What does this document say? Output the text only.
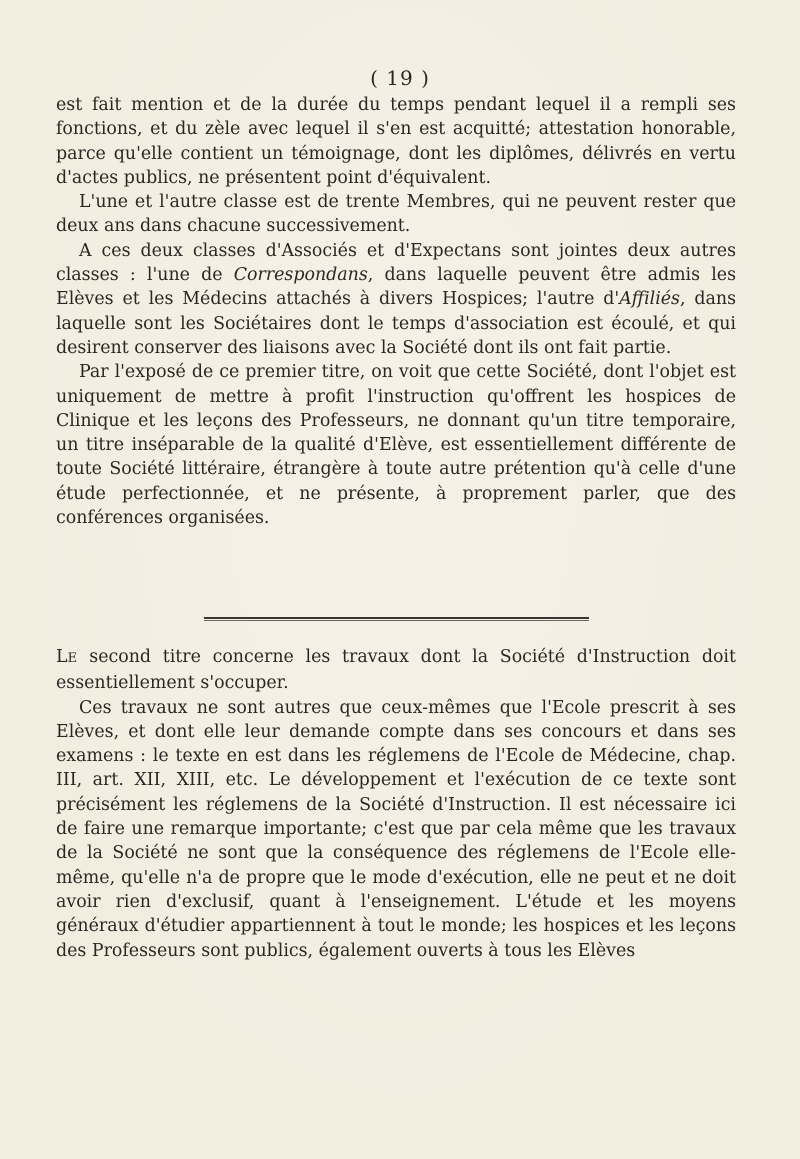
( 19 )

est fait mention et de la durée du temps pendant lequel il a rempli ses fonctions, et du zèle avec lequel il s'en est acquitté; attestation honorable, parce qu'elle contient un témoignage, dont les diplômes, délivrés en vertu d'actes publics, ne présentent point d'équivalent.

L'une et l'autre classe est de trente Membres, qui ne peuvent rester que deux ans dans chacune successivement.

A ces deux classes d'Associés et d'Expectans sont jointes deux autres classes : l'une de Correspondans, dans laquelle peuvent être admis les Elèves et les Médecins attachés à divers Hospices; l'autre d'Affiliés, dans laquelle sont les Sociétaires dont le temps d'association est écoulé, et qui desirent conserver des liaisons avec la Société dont ils ont fait partie.

Par l'exposé de ce premier titre, on voit que cette Société, dont l'objet est uniquement de mettre à profit l'instruction qu'offrent les hospices de Clinique et les leçons des Professeurs, ne donnant qu'un titre temporaire, un titre inséparable de la qualité d'Elève, est essentiellement différente de toute Société littéraire, étrangère à toute autre prétention qu'à celle d'une étude perfectionnée, et ne présente, à proprement parler, que des conférences organisées.

LE second titre concerne les travaux dont la Société d'Instruction doit essentiellement s'occuper.

Ces travaux ne sont autres que ceux-mêmes que l'Ecole prescrit à ses Elèves, et dont elle leur demande compte dans ses concours et dans ses examens : le texte en est dans les réglemens de l'Ecole de Médecine, chap. III, art. XII, XIII, etc. Le développement et l'exécution de ce texte sont précisément les réglemens de la Société d'Instruction. Il est nécessaire ici de faire une remarque importante; c'est que par cela même que les travaux de la Société ne sont que la conséquence des réglemens de l'Ecole elle-même, qu'elle n'a de propre que le mode d'exécution, elle ne peut et ne doit avoir rien d'exclusif, quant à l'enseignement. L'étude et les moyens généraux d'étudier appartiennent à tout le monde; les hospices et les leçons des Professeurs sont publics, également ouverts à tous les Elèves
